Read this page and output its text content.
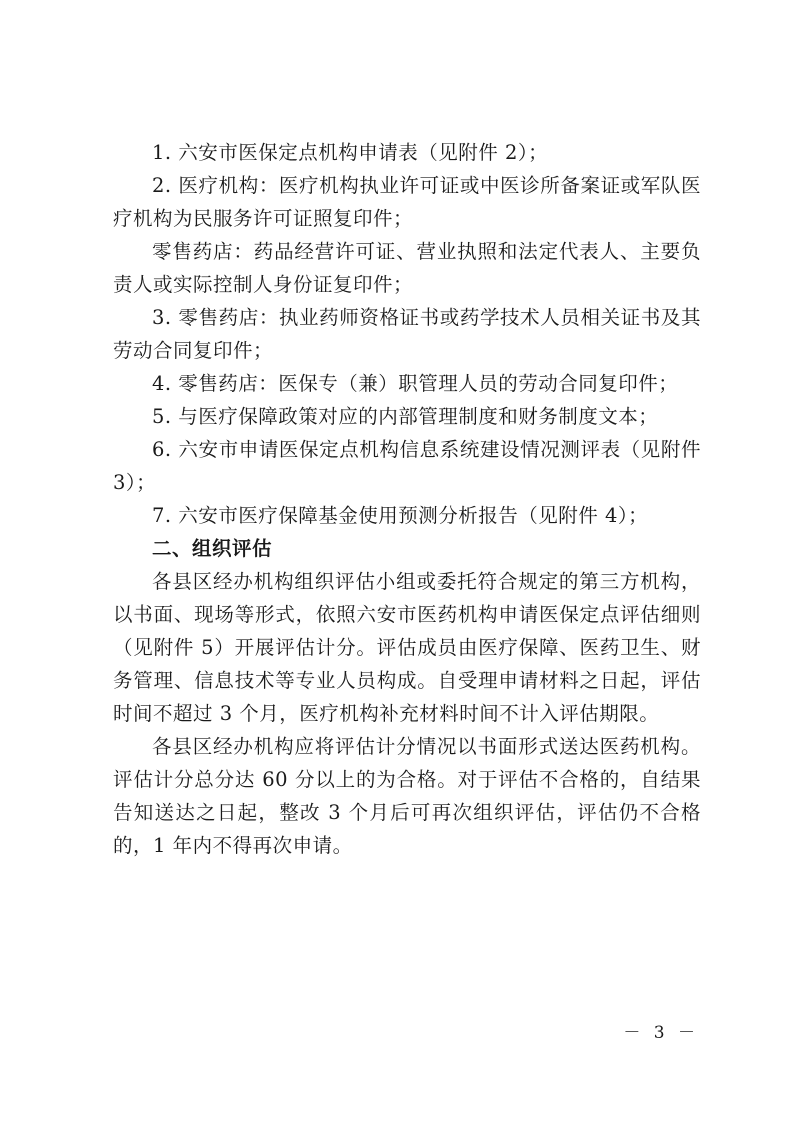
1. 六安市医保定点机构申请表（见附件 2）；

2. 医疗机构：医疗机构执业许可证或中医诊所备案证或军队医疗机构为民服务许可证照复印件；

零售药店：药品经营许可证、营业执照和法定代表人、主要负责人或实际控制人身份证复印件；

3. 零售药店：执业药师资格证书或药学技术人员相关证书及其劳动合同复印件；

4. 零售药店：医保专（兼）职管理人员的劳动合同复印件；

5. 与医疗保障政策对应的内部管理制度和财务制度文本；

6. 六安市申请医保定点机构信息系统建设情况测评表（见附件 3）；

7. 六安市医疗保障基金使用预测分析报告（见附件 4）；

二、组织评估

各县区经办机构组织评估小组或委托符合规定的第三方机构，以书面、现场等形式，依照六安市医药机构申请医保定点评估细则（见附件 5）开展评估计分。评估成员由医疗保障、医药卫生、财务管理、信息技术等专业人员构成。自受理申请材料之日起，评估时间不超过 3 个月，医疗机构补充材料时间不计入评估期限。

各县区经办机构应将评估计分情况以书面形式送达医药机构。评估计分总分达 60 分以上的为合格。对于评估不合格的，自结果告知送达之日起，整改 3 个月后可再次组织评估，评估仍不合格的，1 年内不得再次申请。

－ 3 －
